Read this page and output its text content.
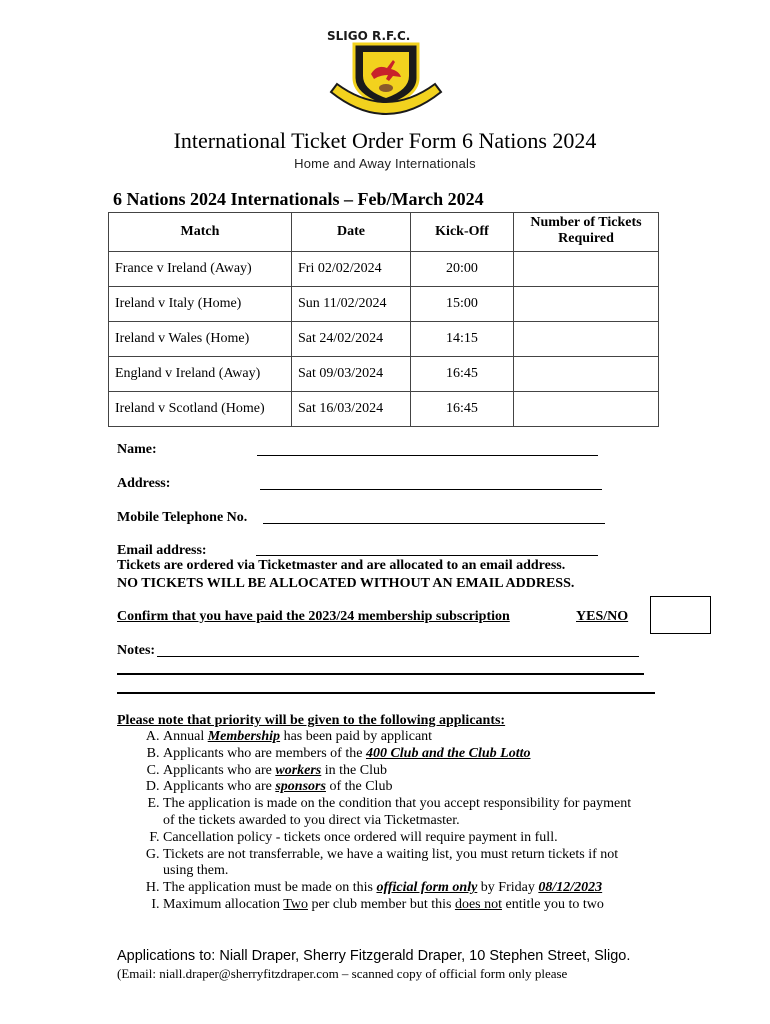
SLIGO R.F.C.
International Ticket Order Form 6 Nations 2024
Home and Away Internationals
6 Nations 2024 Internationals – Feb/March 2024
Match	Date	Kick-Off	Number of Tickets
Required
France v Ireland (Away)	Fri 02/02/2024	20:00	
Ireland v Italy (Home)	Sun 11/02/2024	15:00	
Ireland v Wales (Home)	Sat 24/02/2024	14:15	
England v Ireland (Away)	Sat 09/03/2024	16:45	
Ireland v Scotland (Home)	Sat 16/03/2024	16:45	
Name:
Address:
Mobile Telephone No.
Email address:
Tickets are ordered via Ticketmaster and are allocated to an email address.
NO TICKETS WILL BE ALLOCATED WITHOUT AN EMAIL ADDRESS.
Confirm that you have paid the 2023/24 membership subscription	YES/NO
Notes:
Please note that priority will be given to the following applicants:
A. Annual Membership has been paid by applicant
B. Applicants who are members of the 400 Club and the Club Lotto
C. Applicants who are workers in the Club
D. Applicants who are sponsors of the Club
E. The application is made on the condition that you accept responsibility for payment of the tickets awarded to you direct via Ticketmaster.
F. Cancellation policy - tickets once ordered will require payment in full.
G. Tickets are not transferrable, we have a waiting list, you must return tickets if not using them.
H. The application must be made on this official form only by Friday 08/12/2023
I. Maximum allocation Two per club member but this does not entitle you to two
Applications to: Niall Draper, Sherry Fitzgerald Draper, 10 Stephen Street, Sligo.
(Email: niall.draper@sherryfitzdraper.com – scanned copy of official form only please
